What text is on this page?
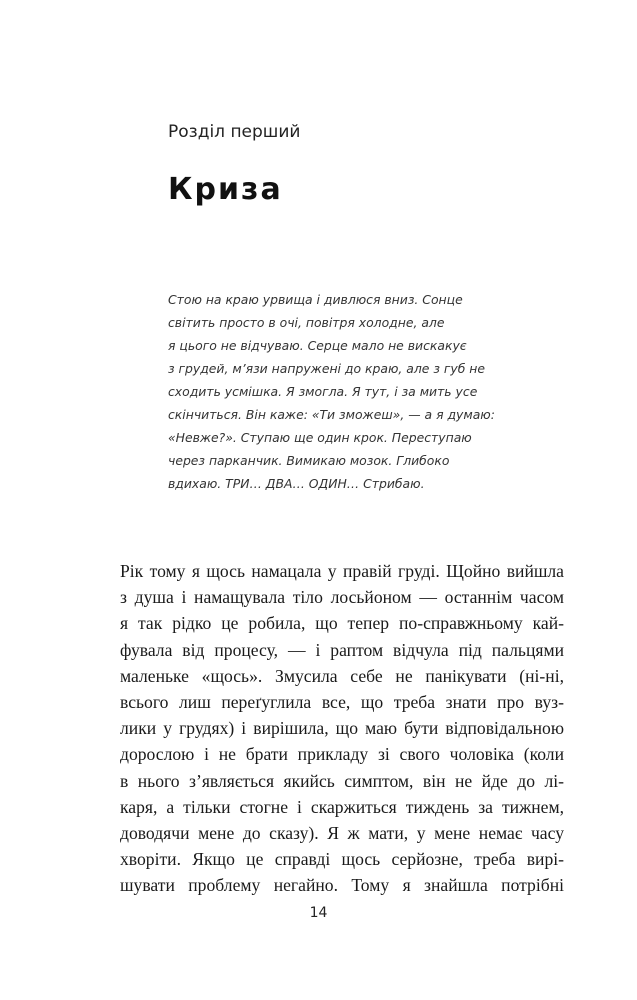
Розділ перший
Криза
Стою на краю урвища і дивлюся вниз. Сонце
світить просто в очі, повітря холодне, але
я цього не відчуваю. Серце мало не вискакує
з грудей, м’язи напружені до краю, але з губ не
сходить усмішка. Я змогла. Я тут, і за мить усе
скінчиться. Він каже: «Ти зможеш», — а я думаю:
«Невже?». Ступаю ще один крок. Переступаю
через парканчик. Вимикаю мозок. Глибоко
вдихаю. ТРИ… ДВА… ОДИН… Стрибаю.
Рік тому я щось намацала у правій груді. Щойно вийшла
з душа і намащувала тіло лосьйоном — останнім часом
я так рідко це робила, що тепер по-справжньому кай-
фувала від процесу, — і раптом відчула під пальцями
маленьке «щось». Змусила себе не панікувати (ні-ні,
всього лиш переґуглила все, що треба знати про вуз-
лики у грудях) і вирішила, що маю бути відповідальною
дорослою і не брати прикладу зі свого чоловіка (коли
в нього з’являється якийсь симптом, він не йде до лі-
каря, а тільки стогне і скаржиться тиждень за тижнем,
доводячи мене до сказу). Я ж мати, у мене немає часу
хворіти. Якщо це справді щось серйозне, треба вирі-
шувати проблему негайно. Тому я знайшла потрібні
14
